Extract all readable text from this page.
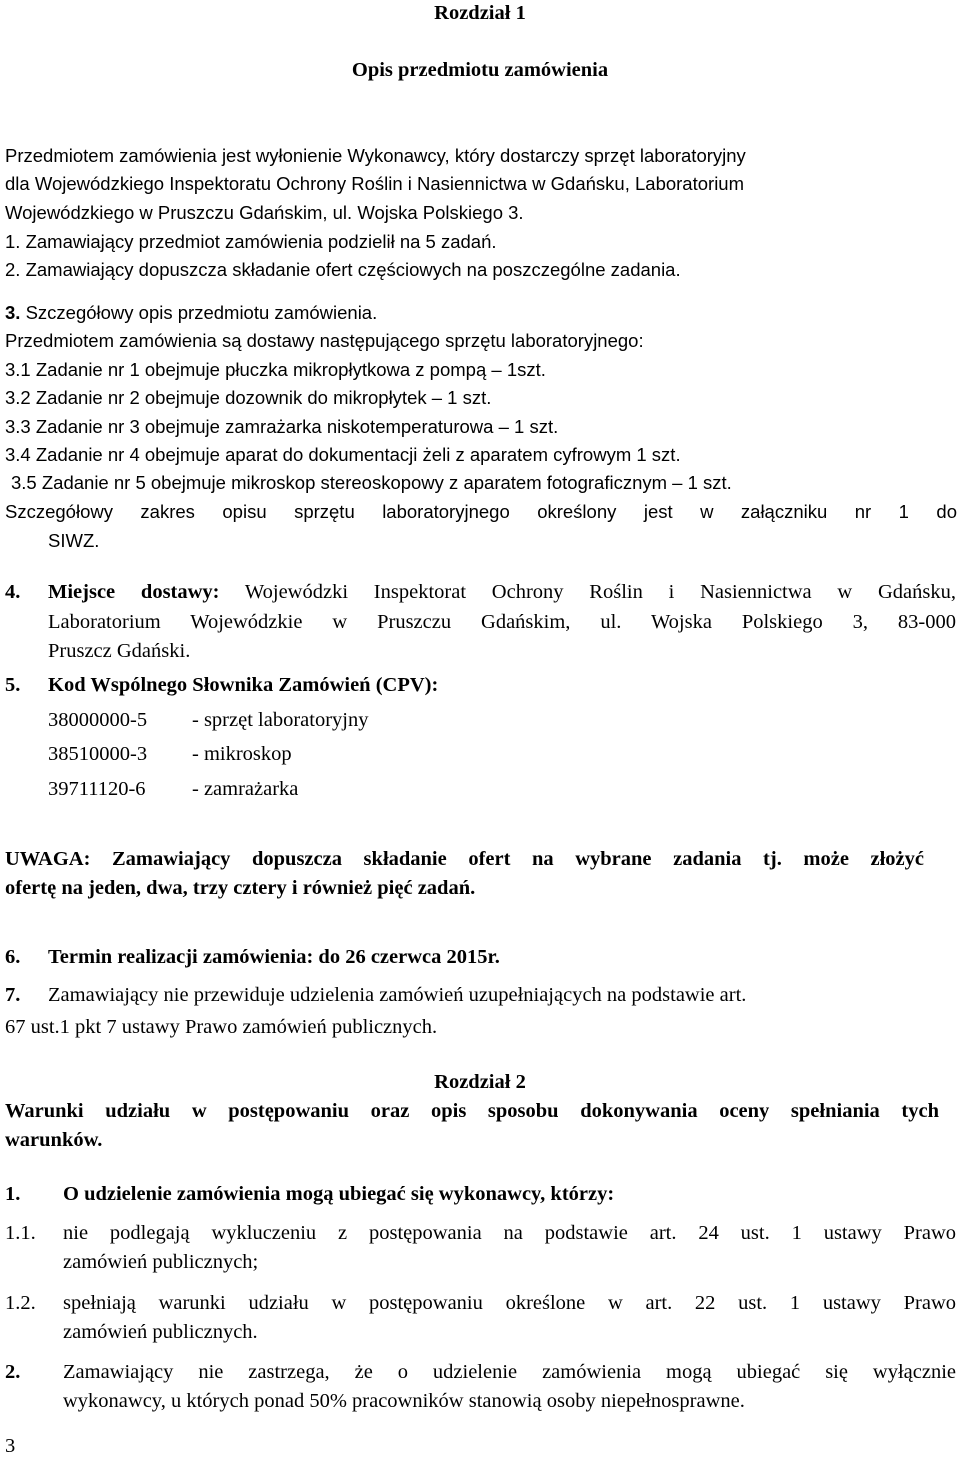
Rozdział 1
Opis przedmiotu zamówienia
Przedmiotem zamówienia jest wyłonienie Wykonawcy, który dostarczy sprzęt laboratoryjny
dla Wojewódzkiego Inspektoratu Ochrony Roślin i Nasiennictwa w Gdańsku, Laboratorium
Wojewódzkiego w Pruszczu Gdańskim, ul. Wojska Polskiego 3.
1. Zamawiający przedmiot zamówienia podzielił na 5 zadań.
2. Zamawiający dopuszcza składanie ofert częściowych na poszczególne zadania.
3. Szczegółowy opis przedmiotu zamówienia.
Przedmiotem zamówienia są dostawy następującego sprzętu laboratoryjnego:
3.1 Zadanie nr 1 obejmuje płuczka mikropłytkowa z pompą – 1szt.
3.2 Zadanie nr 2 obejmuje dozownik do mikropłytek – 1 szt.
3.3 Zadanie nr 3 obejmuje zamrażarka niskotemperaturowa – 1 szt.
3.4 Zadanie nr 4 obejmuje aparat do dokumentacji żeli z aparatem cyfrowym 1 szt.
3.5 Zadanie nr 5 obejmuje mikroskop stereoskopowy z aparatem fotograficznym – 1 szt.
Szczegółowy zakres opisu sprzętu laboratoryjnego określony jest w załączniku nr 1 do
SIWZ.
4. Miejsce dostawy: Wojewódzki Inspektorat Ochrony Roślin i Nasiennictwa w Gdańsku,
Laboratorium Wojewódzkie w Pruszczu Gdańskim, ul. Wojska Polskiego 3, 83-000
Pruszcz Gdański.
5. Kod Wspólnego Słownika Zamówień (CPV):
38000000-5 - sprzęt laboratoryjny
38510000-3 - mikroskop
39711120-6 - zamrażarka
UWAGA: Zamawiający dopuszcza składanie ofert na wybrane zadania tj. może złożyć
ofertę na jeden, dwa, trzy cztery i również pięć zadań.
6. Termin realizacji zamówienia: do 26 czerwca 2015r.
7. Zamawiający nie przewiduje udzielenia zamówień uzupełniających na podstawie art.
67 ust.1 pkt 7 ustawy Prawo zamówień publicznych.
Rozdział 2
Warunki udziału w postępowaniu oraz opis sposobu dokonywania oceny spełniania tych
warunków.
1. O udzielenie zamówienia mogą ubiegać się wykonawcy, którzy:
1.1. nie podlegają wykluczeniu z postępowania na podstawie art. 24 ust. 1 ustawy Prawo
zamówień publicznych;
1.2. spełniają warunki udziału w postępowaniu określone w art. 22 ust. 1 ustawy Prawo
zamówień publicznych.
2. Zamawiający nie zastrzega, że o udzielenie zamówienia mogą ubiegać się wyłącznie
wykonawcy, u których ponad 50% pracowników stanowią osoby niepełnosprawne.
3
